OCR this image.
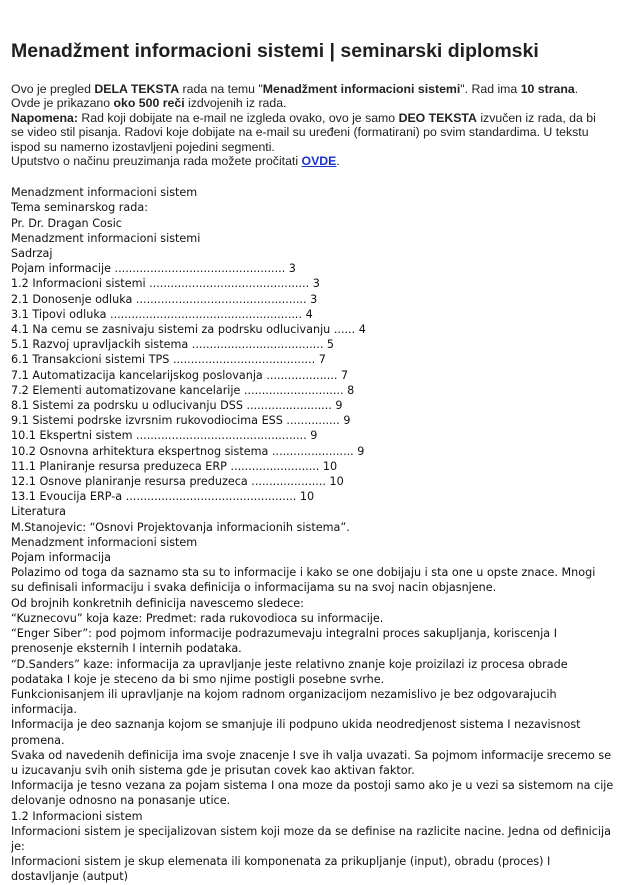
Menadžment informacioni sistemi | seminarski diplomski

Ovo je pregled DELA TEKSTA rada na temu "Menadžment informacioni sistemi". Rad ima 10 strana.

Ovde je prikazano oko 500 reči izdvojenih iz rada.

Napomena: Rad koji dobijate na e-mail ne izgleda ovako, ovo je samo DEO TEKSTA izvučen iz rada, da bi

se video stil pisanja. Radovi koje dobijate na e-mail su uređeni (formatirani) po svim standardima. U tekstu

ispod su namerno izostavljeni pojedini segmenti.

Uputstvo o načinu preuzimanja rada možete pročitati OVDE.

Menadzment informacioni sistem
Tema seminarskog rada:
Pr. Dr. Dragan Cosic
Menadzment informacioni sistemi
Sadrzaj
Pojam informacije ................................................ 3
1.2 Informacioni sistemi ............................................. 3
2.1 Donosenje odluka ................................................ 3
3.1 Tipovi odluka ...................................................... 4
4.1 Na cemu se zasnivaju sistemi za podrsku odlucivanju ...... 4
5.1 Razvoj upravljackih sistema ..................................... 5
6.1 Transakcioni sistemi TPS ........................................ 7
7.1 Automatizacija kancelarijskog poslovanja .................... 7
7.2 Elementi automatizovane kancelarije ............................ 8
8.1 Sistemi za podrsku u odlucivanju DSS ........................ 9
9.1 Sistemi podrske izvrsnim rukovodiocima ESS ............... 9
10.1 Ekspertni sistem ................................................ 9
10.2 Osnovna arhitektura ekspertnog sistema ....................... 9
11.1 Planiranje resursa preduzeca ERP ......................... 10
12.1 Osnove planiranje resursa preduzeca ..................... 10
13.1 Evoucija ERP-a ................................................ 10
Literatura
M.Stanojevic: “Osnovi Projektovanja informacionih sistema”.
Menadzment informacioni sistem
Pojam informacija
Polazimo od toga da saznamo sta su to informacije i kako se one dobijaju i sta one u opste znace. Mnogi
su definisali informaciju i svaka definicija o informacijama su na svoj nacin objasnjene.
Od brojnih konkretnih definicija navescemo sledece:
“Kuznecovu” koja kaze: Predmet: rada rukovodioca su informacije.
“Enger Siber”: pod pojmom informacije podrazumevaju integralni proces sakupljanja, koriscenja I
prenosenje eksternih I internih podataka.
“D.Sanders” kaze: informacija za upravljanje jeste relativno znanje koje proizilazi iz procesa obrade
podataka I koje je steceno da bi smo njime postigli posebne svrhe.
Funkcionisanjem ili upravljanje na kojom radnom organizacijom nezamislivo je bez odgovarajucih
informacija.
Informacija je deo saznanja kojom se smanjuje ili podpuno ukida neodredjenost sistema I nezavisnost
promena.
Svaka od navedenih definicija ima svoje znacenje I sve ih valja uvazati. Sa pojmom informacije srecemo se
u izucavanju svih onih sistema gde je prisutan covek kao aktivan faktor.
Informacija je tesno vezana za pojam sistema I ona moze da postoji samo ako je u vezi sa sistemom na cije
delovanje odnosno na ponasanje utice.
1.2 Informacioni sistem
Informacioni sistem je specijalizovan sistem koji moze da se definise na razlicite nacine. Jedna od definicija
je:
Informacioni sistem je skup elemenata ili komponenata za prikupljanje (input), obradu (proces) I
dostavljanje (autput)
